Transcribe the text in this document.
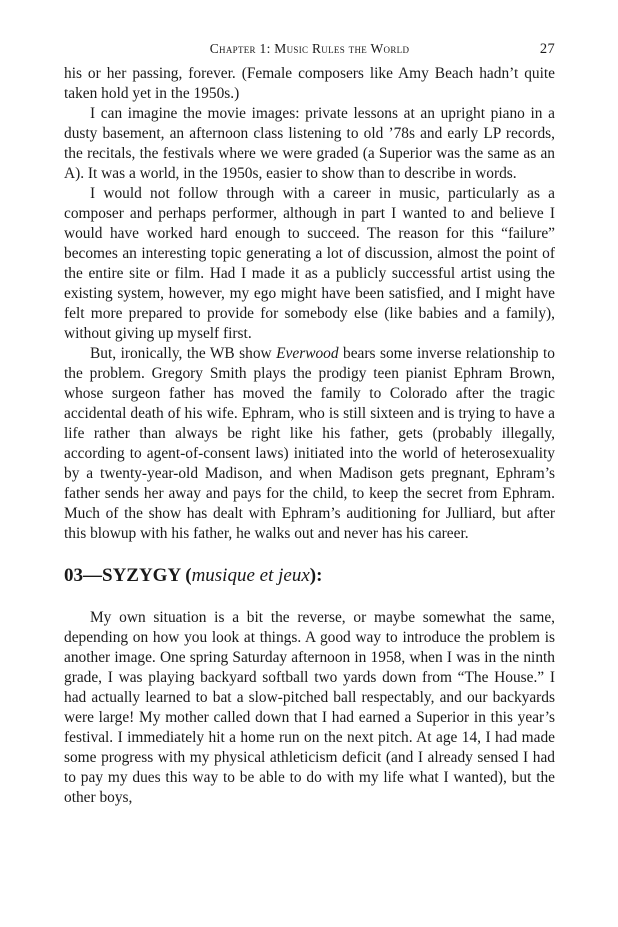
Chapter 1: Music Rules the World	27

his or her passing, forever. (Female composers like Amy Beach hadn’t quite taken hold yet in the 1950s.)

I can imagine the movie images: private lessons at an upright piano in a dusty basement, an afternoon class listening to old ’78s and early LP records, the recitals, the festivals where we were graded (a Superior was the same as an A). It was a world, in the 1950s, easier to show than to describe in words.

I would not follow through with a career in music, particularly as a composer and perhaps performer, although in part I wanted to and believe I would have worked hard enough to succeed. The reason for this “failure” becomes an interesting topic generating a lot of discussion, almost the point of the entire site or film. Had I made it as a publicly successful artist using the existing system, however, my ego might have been satisfied, and I might have felt more prepared to provide for somebody else (like babies and a family), without giving up myself first.

But, ironically, the WB show Everwood bears some inverse relationship to the problem. Gregory Smith plays the prodigy teen pianist Ephram Brown, whose surgeon father has moved the family to Colorado after the tragic accidental death of his wife. Ephram, who is still sixteen and is trying to have a life rather than always be right like his father, gets (probably illegally, according to agent-of-consent laws) initiated into the world of heterosexuality by a twenty-year-old Madison, and when Madison gets pregnant, Ephram’s father sends her away and pays for the child, to keep the secret from Ephram. Much of the show has dealt with Ephram’s auditioning for Julliard, but after this blowup with his father, he walks out and never has his career.

03—SYZYGY (musique et jeux):

My own situation is a bit the reverse, or maybe somewhat the same, depending on how you look at things. A good way to introduce the problem is another image. One spring Saturday afternoon in 1958, when I was in the ninth grade, I was playing backyard softball two yards down from “The House.” I had actually learned to bat a slow-pitched ball respectably, and our backyards were large! My mother called down that I had earned a Superior in this year’s festival. I immediately hit a home run on the next pitch. At age 14, I had made some progress with my physical athleticism deficit (and I already sensed I had to pay my dues this way to be able to do with my life what I wanted), but the other boys,
